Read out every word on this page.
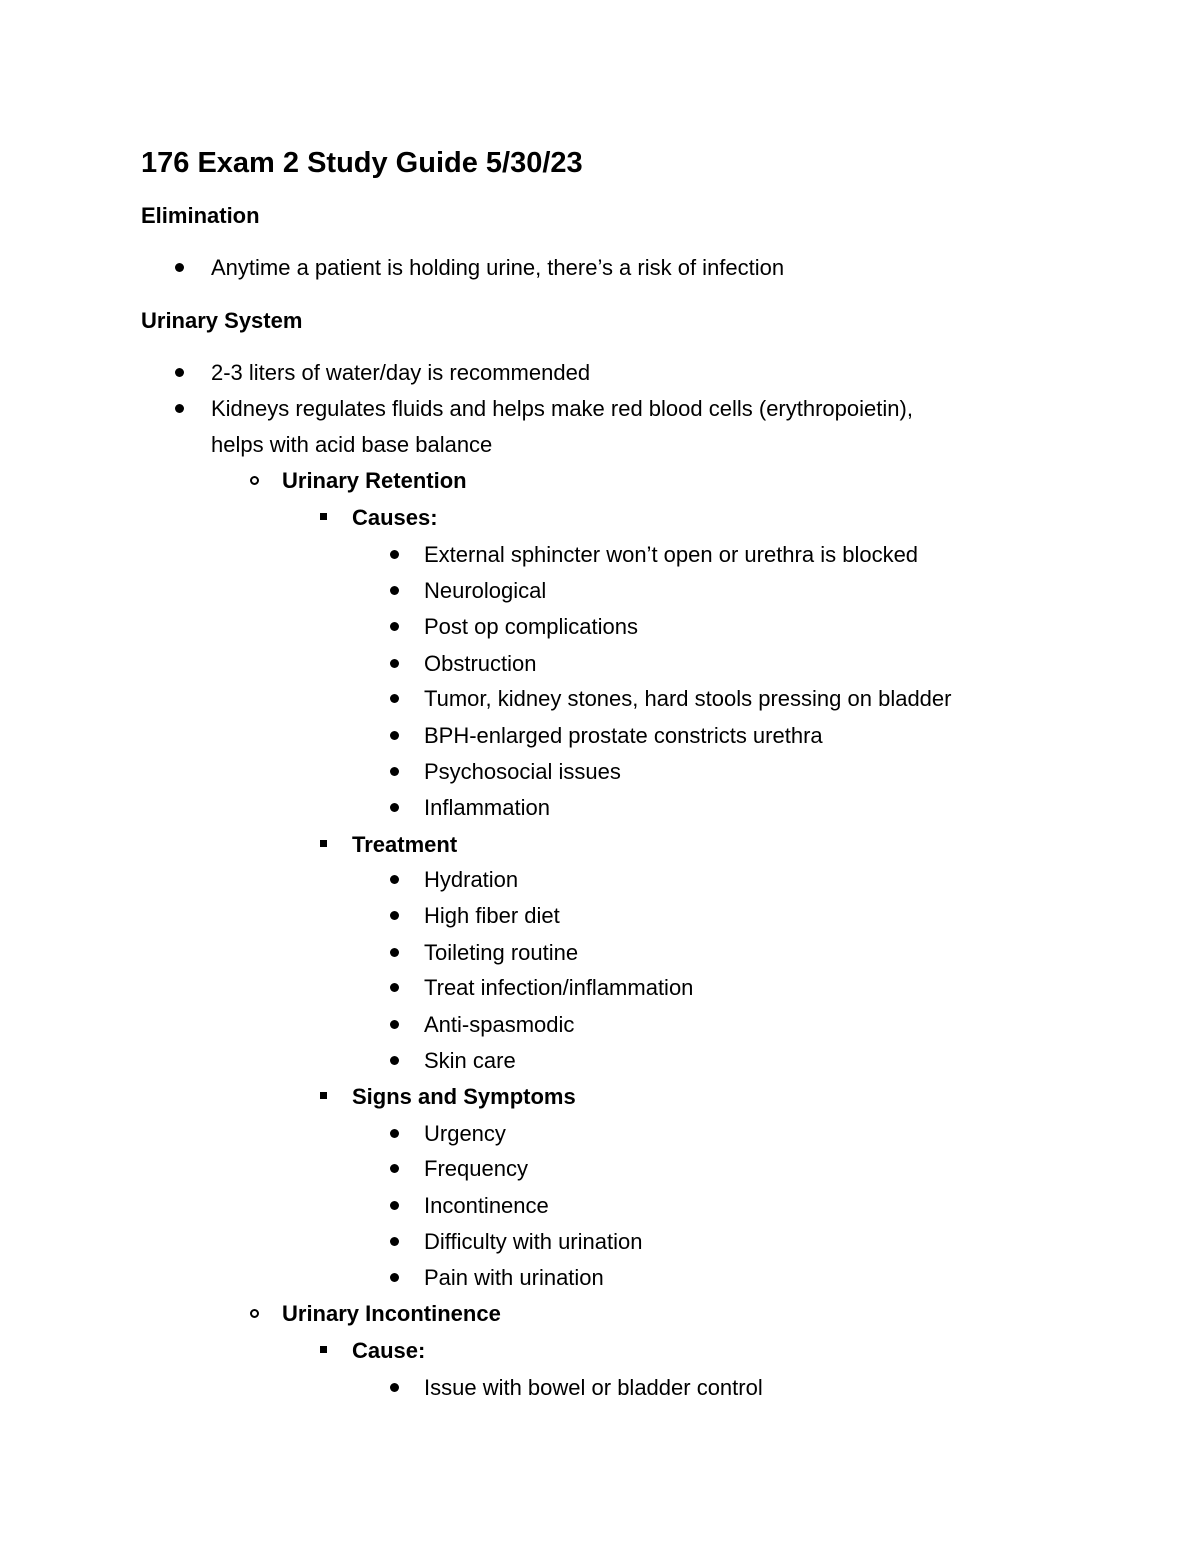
176 Exam 2 Study Guide 5/30/23
Elimination
Anytime a patient is holding urine, there’s a risk of infection
Urinary System
2-3 liters of water/day is recommended
Kidneys regulates fluids and helps make red blood cells (erythropoietin),
helps with acid base balance
Urinary Retention
Causes:
External sphincter won’t open or urethra is blocked
Neurological
Post op complications
Obstruction
Tumor, kidney stones, hard stools pressing on bladder
BPH-enlarged prostate constricts urethra
Psychosocial issues
Inflammation
Treatment
Hydration
High fiber diet
Toileting routine
Treat infection/inflammation
Anti-spasmodic
Skin care
Signs and Symptoms
Urgency
Frequency
Incontinence
Difficulty with urination
Pain with urination
Urinary Incontinence
Cause:
Issue with bowel or bladder control
